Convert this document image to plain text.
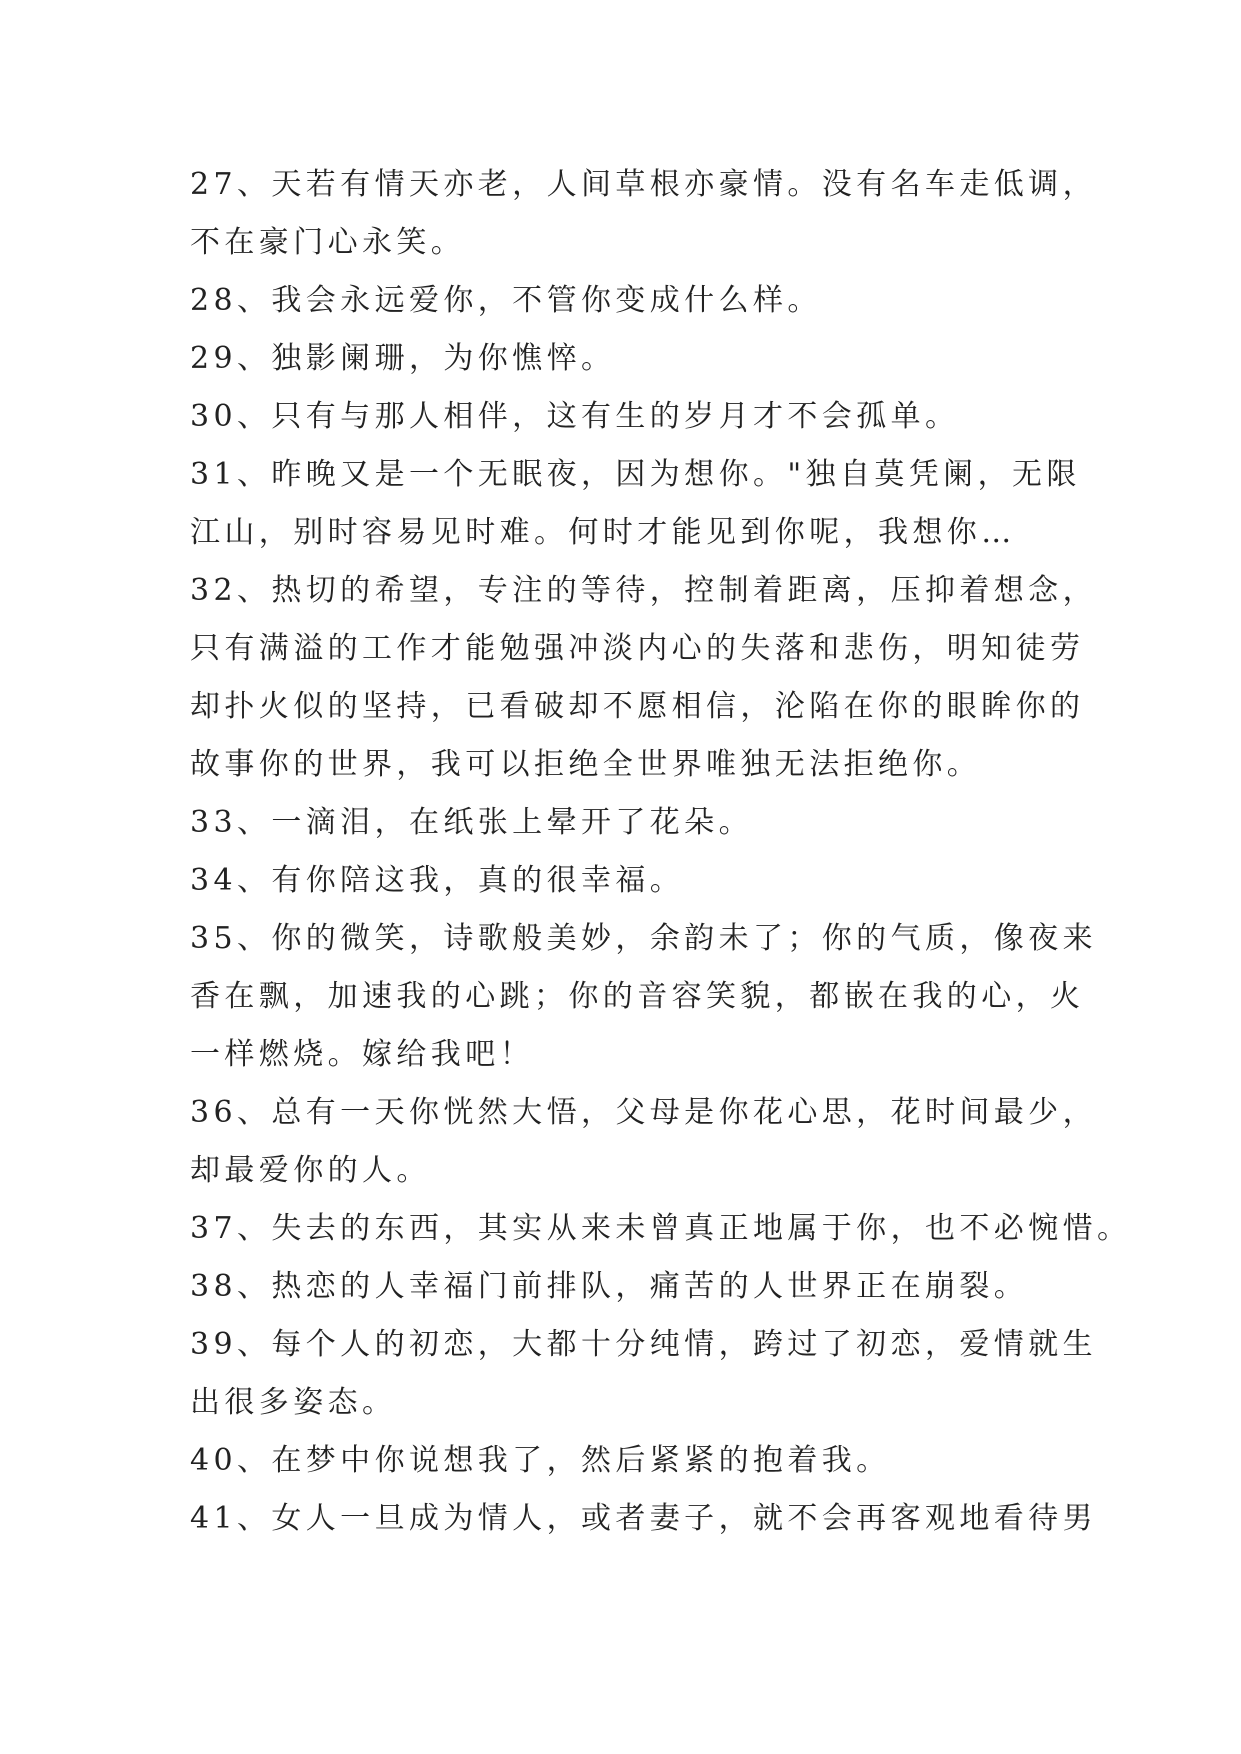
27、天若有情天亦老，人间草根亦豪情。没有名车走低调，
不在豪门心永笑。
28、我会永远爱你，不管你变成什么样。
29、独影阑珊，为你憔悴。
30、只有与那人相伴，这有生的岁月才不会孤单。
31、昨晚又是一个无眠夜，因为想你。"独自莫凭阑，无限
江山，别时容易见时难。何时才能见到你呢，我想你…
32、热切的希望，专注的等待，控制着距离，压抑着想念，
只有满溢的工作才能勉强冲淡内心的失落和悲伤，明知徒劳
却扑火似的坚持，已看破却不愿相信，沦陷在你的眼眸你的
故事你的世界，我可以拒绝全世界唯独无法拒绝你。
33、一滴泪，在纸张上晕开了花朵。
34、有你陪这我，真的很幸福。
35、你的微笑，诗歌般美妙，余韵未了；你的气质，像夜来
香在飘，加速我的心跳；你的音容笑貌，都嵌在我的心，火
一样燃烧。嫁给我吧！
36、总有一天你恍然大悟，父母是你花心思，花时间最少，
却最爱你的人。
37、失去的东西，其实从来未曾真正地属于你，也不必惋惜。
38、热恋的人幸福门前排队，痛苦的人世界正在崩裂。
39、每个人的初恋，大都十分纯情，跨过了初恋，爱情就生
出很多姿态。
40、在梦中你说想我了，然后紧紧的抱着我。
41、女人一旦成为情人，或者妻子，就不会再客观地看待男
